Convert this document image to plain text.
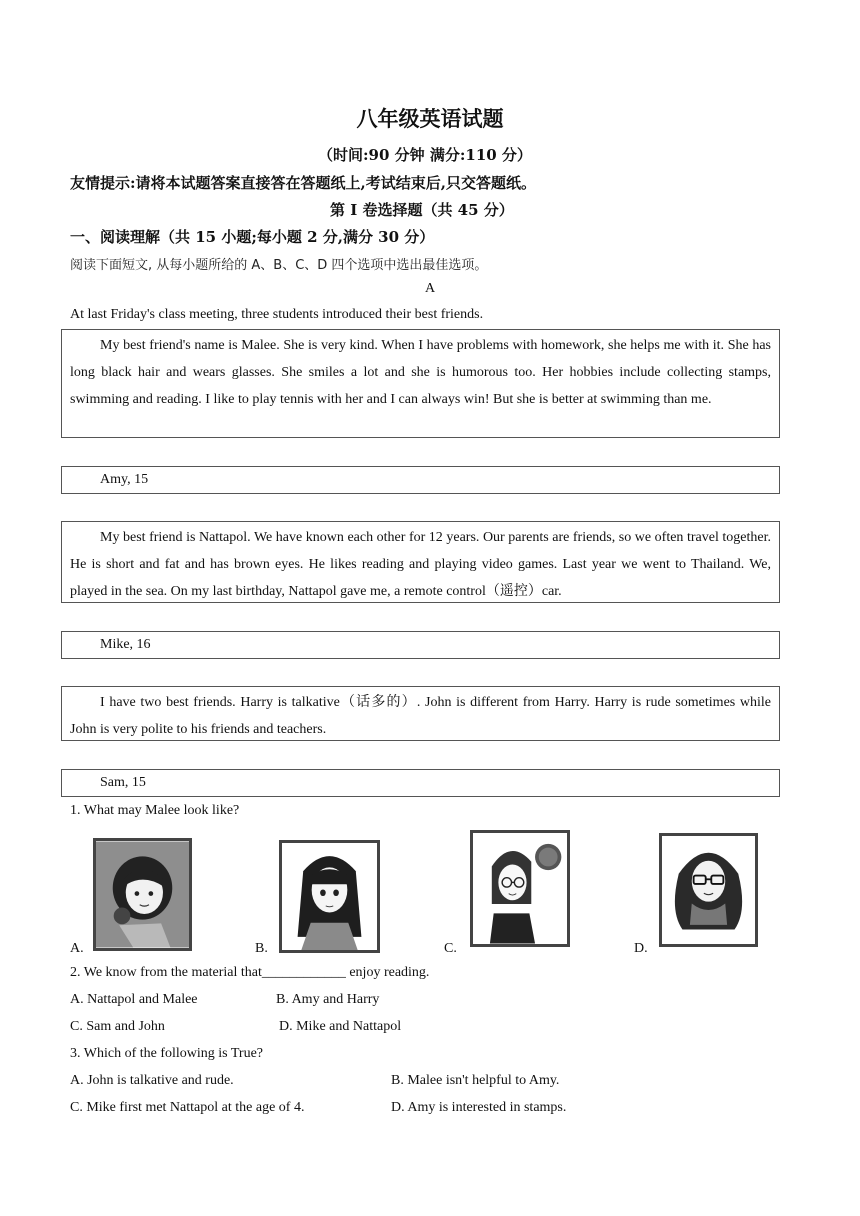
八年级英语试题
（时间:90 分钟 满分:110 分）
友情提示:请将本试题答案直接答在答题纸上,考试结束后,只交答题纸。
第 I 卷选择题（共 45 分）
一、阅读理解（共 15 小题;每小题 2 分,满分 30 分）
阅读下面短文, 从每小题所给的 A、B、C、D 四个选项中选出最佳选项。
A
At last Friday's class meeting, three students introduced their best friends.
My best friend's name is Malee. She is very kind. When I have problems with homework, she helps me with it. She has long black hair and wears glasses. She smiles a lot and she is humorous too. Her hobbies include collecting stamps, swimming and reading. I like to play tennis with her and I can always win! But she is better at swimming than me.
Amy, 15
My best friend is Nattapol. We have known each other for 12 years. Our parents are friends, so we often travel together. He is short and fat and has brown eyes. He likes reading and playing video games. Last year we went to Thailand. We, played in the sea. On my last birthday, Nattapol gave me, a remote control（遥控）car.
Mike, 16
I have two best friends. Harry is talkative（话多的）. John is different from Harry. Harry is rude sometimes while John is very polite to his friends and teachers.
Sam, 15
1. What may Malee look like?
A.	B.	C.	D.
2. We know from the material that____________ enjoy reading.
A. Nattapol and Malee	B. Amy and Harry
C. Sam and John	D. Mike and Nattapol
3. Which of the following is True?
A. John is talkative and rude.	B. Malee isn't helpful to Amy.
C. Mike first met Nattapol at the age of 4.	D. Amy is interested in stamps.
